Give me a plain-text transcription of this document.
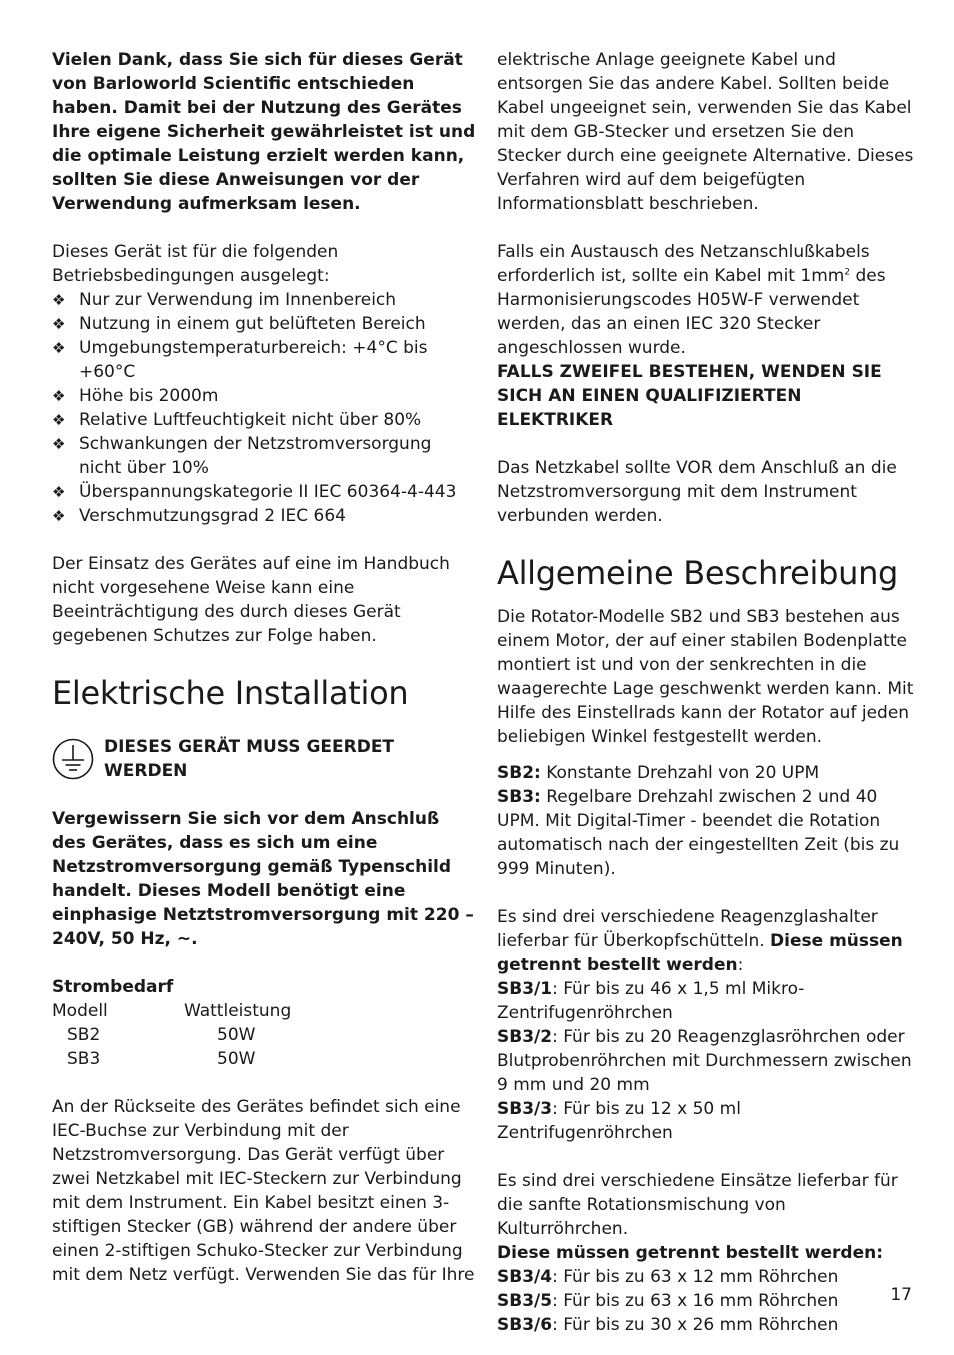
Vielen Dank, dass Sie sich für dieses Gerät von Barloworld Scientific entschieden haben. Damit bei der Nutzung des Gerätes Ihre eigene Sicherheit gewährleistet ist und die optimale Leistung erzielt werden kann, sollten Sie diese Anweisungen vor der Verwendung aufmerksam lesen.

Dieses Gerät ist für die folgenden Betriebsbedingungen ausgelegt:

❖ Nur zur Verwendung im Innenbereich
❖ Nutzung in einem gut belüfteten Bereich
❖ Umgebungstemperaturbereich: +4°C bis +60°C
❖ Höhe bis 2000m
❖ Relative Luftfeuchtigkeit nicht über 80%
❖ Schwankungen der Netzstromversorgung nicht über 10%
❖ Überspannungskategorie II IEC 60364-4-443
❖ Verschmutzungsgrad 2 IEC 664

Der Einsatz des Gerätes auf eine im Handbuch nicht vorgesehene Weise kann eine Beeinträchtigung des durch dieses Gerät gegebenen Schutzes zur Folge haben.

Elektrische Installation

DIESES GERÄT MUSS GEERDET WERDEN

Vergewissern Sie sich vor dem Anschluß des Gerätes, dass es sich um eine Netzstromversorgung gemäß Typenschild handelt. Dieses Modell benötigt eine einphasige Netztstromversorgung mit 220 – 240V, 50 Hz, ~.

Strombedarf

Modell	Wattleistung
SB2	50W
SB3	50W

An der Rückseite des Gerätes befindet sich eine IEC-Buchse zur Verbindung mit der Netzstromversorgung. Das Gerät verfügt über zwei Netzkabel mit IEC-Steckern zur Verbindung mit dem Instrument. Ein Kabel besitzt einen 3-stiftigen Stecker (GB) während der andere über einen 2-stiftigen Schuko-Stecker zur Verbindung mit dem Netz verfügt. Verwenden Sie das für Ihre

elektrische Anlage geeignete Kabel und entsorgen Sie das andere Kabel. Sollten beide Kabel ungeeignet sein, verwenden Sie das Kabel mit dem GB-Stecker und ersetzen Sie den Stecker durch eine geeignete Alternative. Dieses Verfahren wird auf dem beigefügten Informationsblatt beschrieben.

Falls ein Austausch des Netzanschlußkabels erforderlich ist, sollte ein Kabel mit $1mm^2$ des Harmonisierungscodes H05W-F verwendet werden, das an einen IEC 320 Stecker angeschlossen wurde.

FALLS ZWEIFEL BESTEHEN, WENDEN SIE SICH AN EINEN QUALIFIZIERTEN ELEKTRIKER

Das Netzkabel sollte VOR dem Anschluß an die Netzstromversorgung mit dem Instrument verbunden werden.

Allgemeine Beschreibung

Die Rotator-Modelle SB2 und SB3 bestehen aus einem Motor, der auf einer stabilen Bodenplatte montiert ist und von der senkrechten in die waagerechte Lage geschwenkt werden kann. Mit Hilfe des Einstellrads kann der Rotator auf jeden beliebigen Winkel festgestellt werden.

SB2: Konstante Drehzahl von 20 UPM

SB3: Regelbare Drehzahl zwischen 2 und 40 UPM. Mit Digital-Timer - beendet die Rotation automatisch nach der eingestellten Zeit (bis zu 999 Minuten).

Es sind drei verschiedene Reagenzglashalter lieferbar für Überkopfschütteln. Diese müssen getrennt bestellt werden:

SB3/1: Für bis zu 46 x 1,5 ml Mikro-Zentrifugenröhrchen

SB3/2: Für bis zu 20 Reagenzglasröhrchen oder Blutprobenröhrchen mit Durchmessern zwischen 9 mm und 20 mm

SB3/3: Für bis zu 12 x 50 ml Zentrifugenröhrchen

Es sind drei verschiedene Einsätze lieferbar für die sanfte Rotationsmischung von Kulturröhrchen.

Diese müssen getrennt bestellt werden:

SB3/4: Für bis zu 63 x 12 mm Röhrchen

SB3/5: Für bis zu 63 x 16 mm Röhrchen

SB3/6: Für bis zu 30 x 26 mm Röhrchen

17
